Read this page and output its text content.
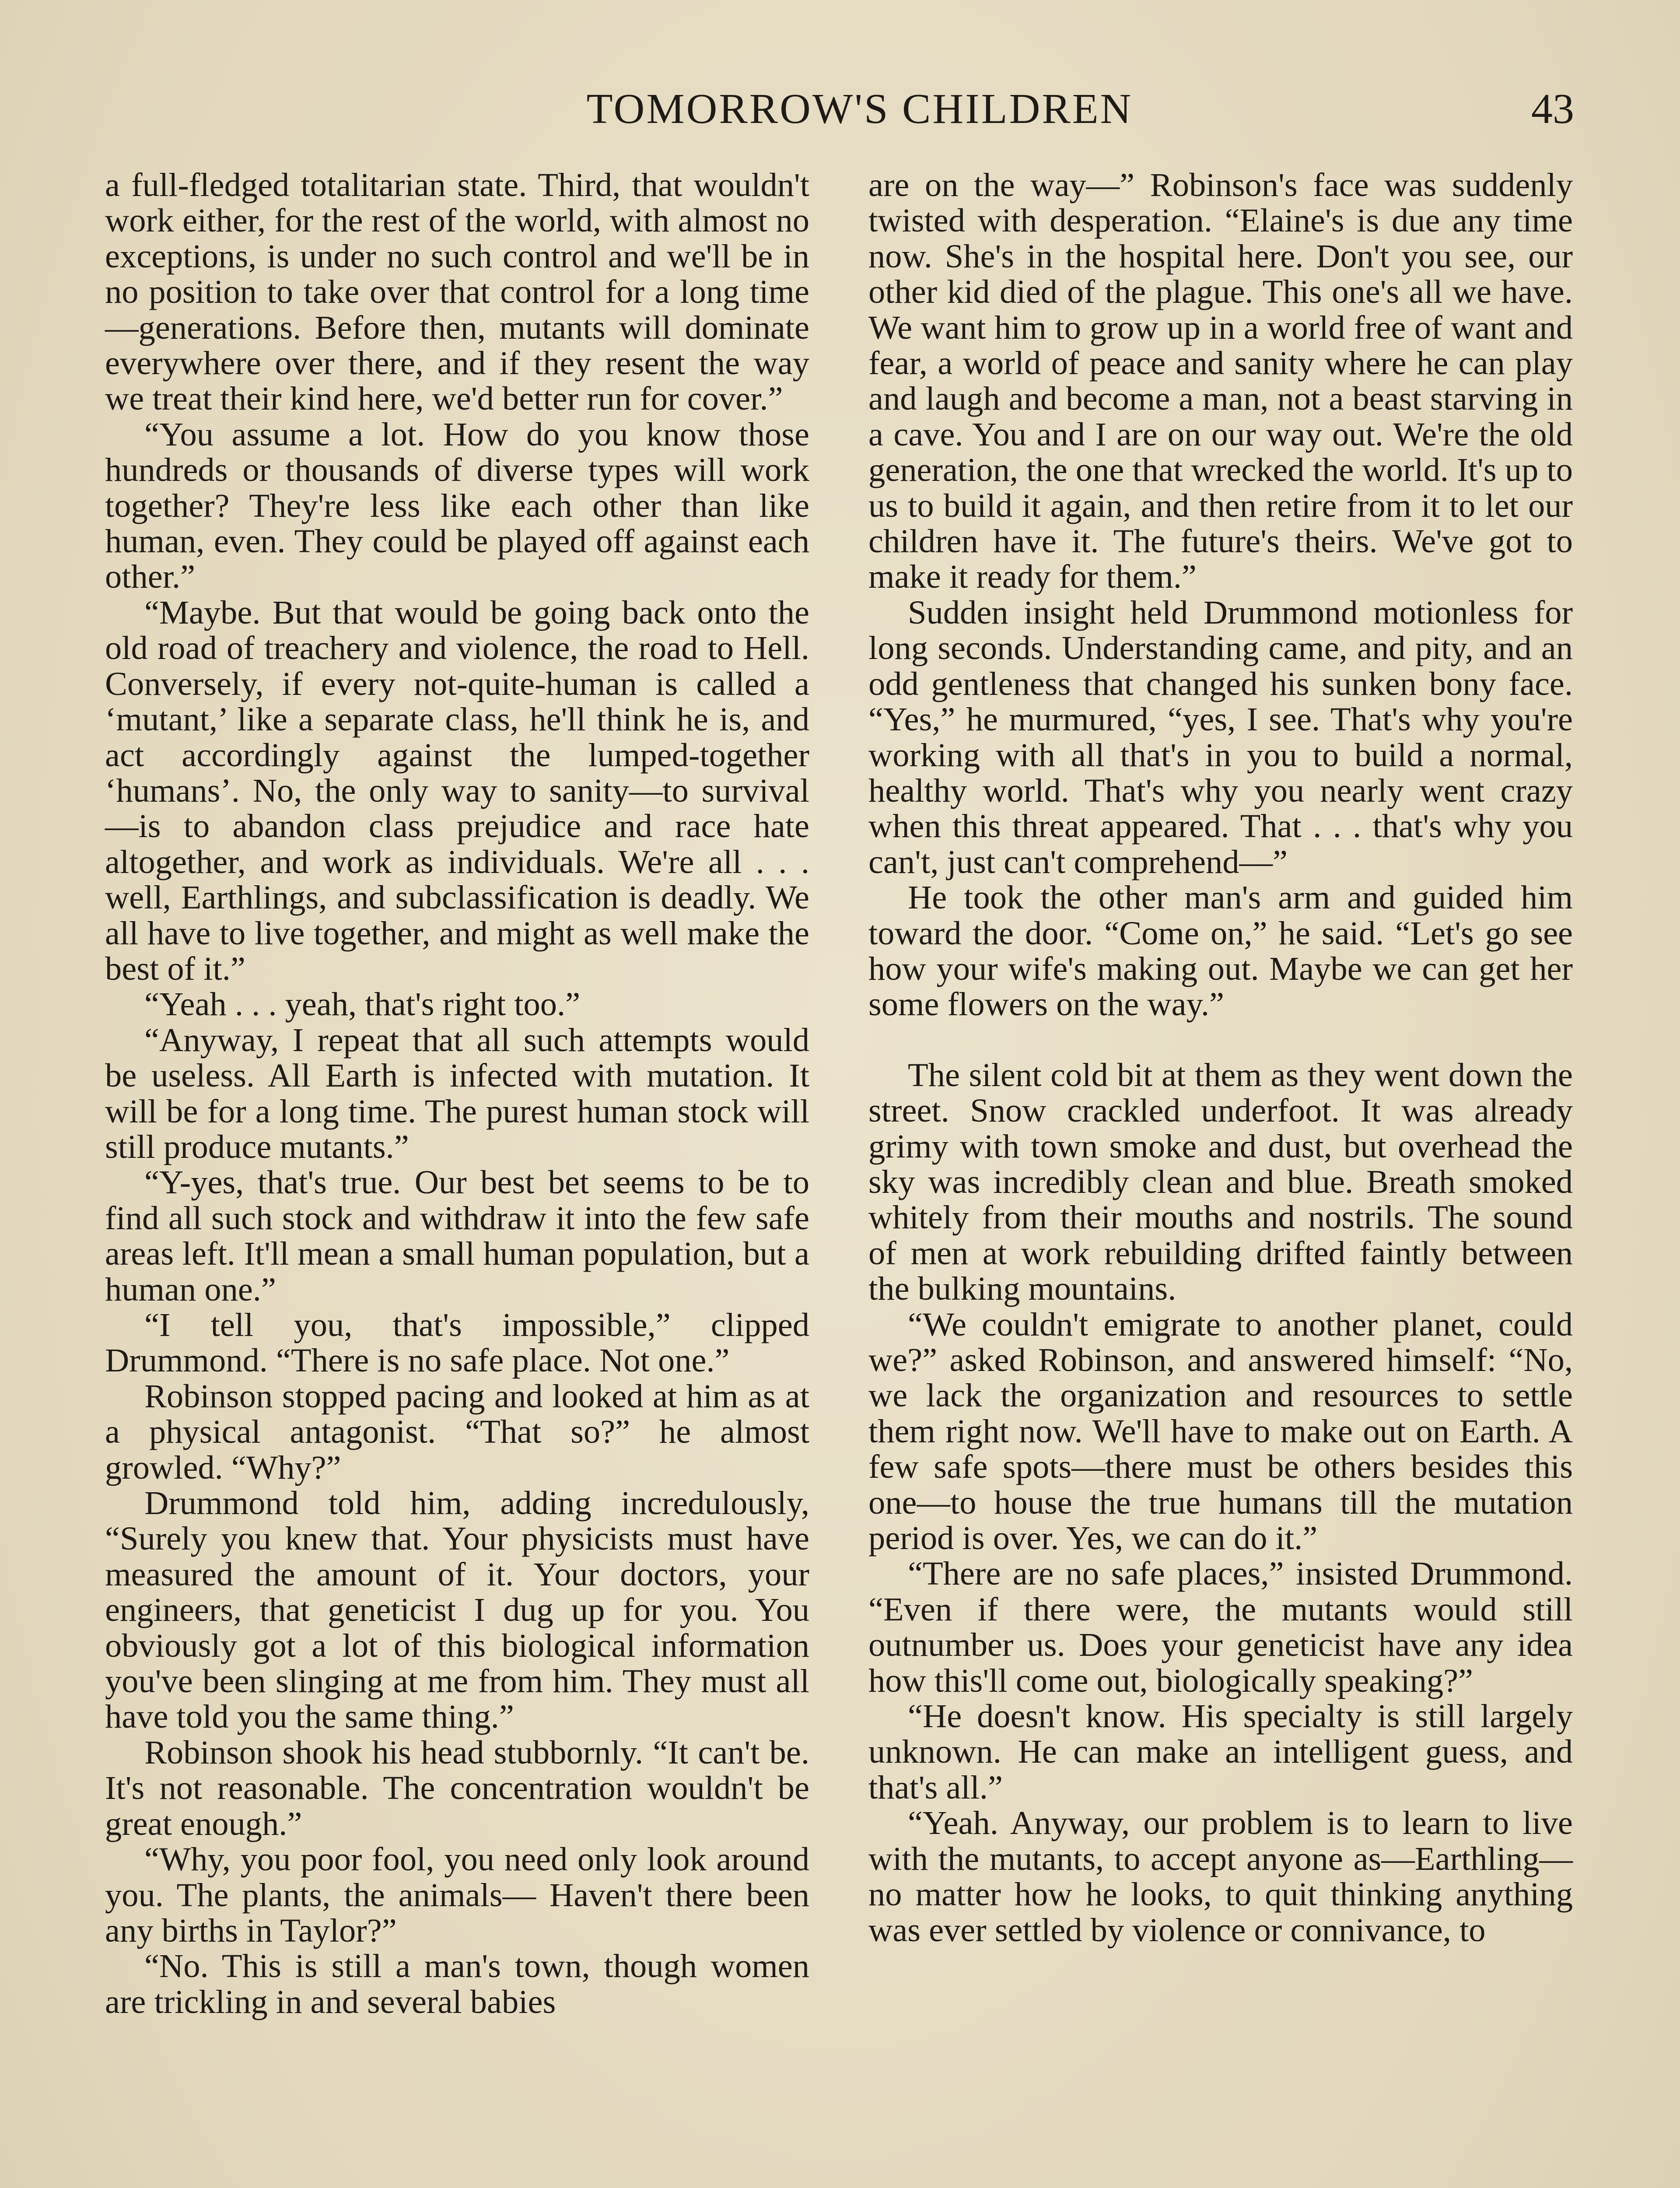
TOMORROW'S CHILDREN	43

a full-fledged totalitarian state. Third, that wouldn't work either, for the rest of the world, with almost no exceptions, is under no such control and we'll be in no position to take over that control for a long time—generations. Before then, mutants will dominate everywhere over there, and if they resent the way we treat their kind here, we'd better run for cover.”

“You assume a lot. How do you know those hundreds or thousands of diverse types will work together? They're less like each other than like human, even. They could be played off against each other.”

“Maybe. But that would be going back onto the old road of treachery and violence, the road to Hell. Conversely, if every not-quite-human is called a ‘mutant,’ like a separate class, he'll think he is, and act accordingly against the lumped-together ‘humans’. No, the only way to sanity—to survival—is to abandon class prejudice and race hate altogether, and work as individuals. We're all . . . well, Earthlings, and subclassification is deadly. We all have to live together, and might as well make the best of it.”

“Yeah . . . yeah, that's right too.”

“Anyway, I repeat that all such attempts would be useless. All Earth is infected with mutation. It will be for a long time. The purest human stock will still produce mutants.”

“Y-yes, that's true. Our best bet seems to be to find all such stock and withdraw it into the few safe areas left. It'll mean a small human population, but a human one.”

“I tell you, that's impossible,” clipped Drummond. “There is no safe place. Not one.”

Robinson stopped pacing and looked at him as at a physical antagonist. “That so?” he almost growled. “Why?”

Drummond told him, adding incredulously, “Surely you knew that. Your physicists must have measured the amount of it. Your doctors, your engineers, that geneticist I dug up for you. You obviously got a lot of this biological information you've been slinging at me from him. They must all have told you the same thing.”

Robinson shook his head stubbornly. “It can't be. It's not reasonable. The concentration wouldn't be great enough.”

“Why, you poor fool, you need only look around you. The plants, the animals— Haven't there been any births in Taylor?”

“No. This is still a man's town, though women are trickling in and several babies

are on the way—” Robinson's face was suddenly twisted with desperation. “Elaine's is due any time now. She's in the hospital here. Don't you see, our other kid died of the plague. This one's all we have. We want him to grow up in a world free of want and fear, a world of peace and sanity where he can play and laugh and become a man, not a beast starving in a cave. You and I are on our way out. We're the old generation, the one that wrecked the world. It's up to us to build it again, and then retire from it to let our children have it. The future's theirs. We've got to make it ready for them.”

Sudden insight held Drummond motionless for long seconds. Understanding came, and pity, and an odd gentleness that changed his sunken bony face. “Yes,” he murmured, “yes, I see. That's why you're working with all that's in you to build a normal, healthy world. That's why you nearly went crazy when this threat appeared. That . . . that's why you can't, just can't comprehend—”

He took the other man's arm and guided him toward the door. “Come on,” he said. “Let's go see how your wife's making out. Maybe we can get her some flowers on the way.”

The silent cold bit at them as they went down the street. Snow crackled underfoot. It was already grimy with town smoke and dust, but overhead the sky was incredibly clean and blue. Breath smoked whitely from their mouths and nostrils. The sound of men at work rebuilding drifted faintly between the bulking mountains.

“We couldn't emigrate to another planet, could we?” asked Robinson, and answered himself: “No, we lack the organization and resources to settle them right now. We'll have to make out on Earth. A few safe spots—there must be others besides this one—to house the true humans till the mutation period is over. Yes, we can do it.”

“There are no safe places,” insisted Drummond. “Even if there were, the mutants would still outnumber us. Does your geneticist have any idea how this'll come out, biologically speaking?”

“He doesn't know. His specialty is still largely unknown. He can make an intelligent guess, and that's all.”

“Yeah. Anyway, our problem is to learn to live with the mutants, to accept anyone as—Earthling—no matter how he looks, to quit thinking anything was ever settled by violence or connivance, to
